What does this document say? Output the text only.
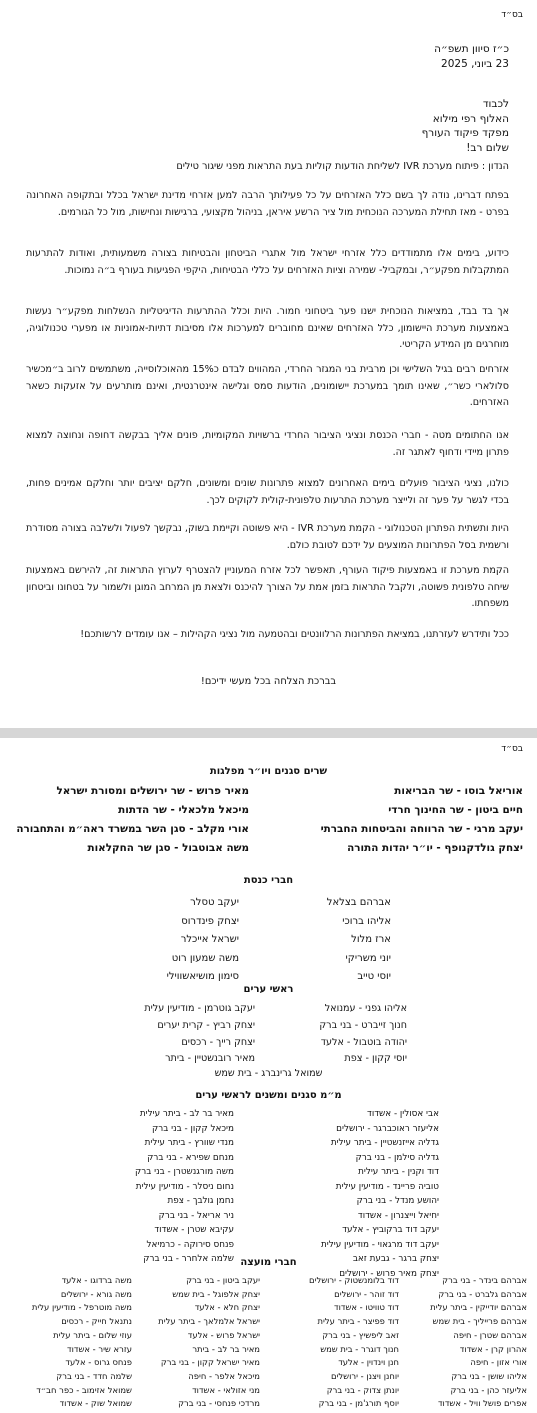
בס״ד
כ״ז סיוון תשפ״ה
23 ביוני, 2025
לכבוד
האלוף רפי מילוא
מפקד פיקוד העורף
שלום רב!
הנדון : פיתוח מערכת IVR לשליחת הודעות קוליות בעת התראות מפני שיגור טילים
בפתח דברינו, נודה לך בשם כלל האזרחים על כל פעילותך הרבה למען אזרחי מדינת ישראל בכלל ובתקופה האחרונה בפרט - מאז תחילת המערכה הנוכחית מול ציר הרשע איראן, בניהול מקצועי, ברגישות ונחישות, מול כל הגורמים.
כידוע, בימים אלו מתמודדים כלל אזרחי ישראל מול אתגרי הביטחון והבטיחות בצורה משמעותית, ואודות להתרעות המתקבלות מפקע״ר, ובמקביל- שמירה וציות האזרחים על כללי הבטיחות, היקפי הפגיעות בעורף ב״ה נמוכות.
אך בד בבד, במציאות הנוכחית ישנו פער ביטחוני חמור. היות וכלל ההתרעות הדיגיטליות הנשלחות מפקע״ר נעשות באמצעות מערכת היישומון, כלל האזרחים שאינם מחוברים למערכות אלו מסיבות דתיות-אמוניות או מפערי טכנולוגיה, מוחרגים מן המידע הקריטי.
אזרחים רבים בגיל השלישי וכן מרבית בני המגזר החרדי, המהווים לבדם כ15% מהאוכלוסייה, משתמשים לרוב ב״מכשיר סלולארי כשר״, שאינו תומך במערכת יישומונים, הודעות סמס וגלישה אינטרנטית, ואינם מותרעים על אזעקות כשאר האזרחים.
אנו החתומים מטה - חברי הכנסת ונציגי הציבור החרדי ברשויות המקומיות, פונים אליך בבקשה דחופה ונחוצה למצוא פתרון מיידי ודחוף לאתגר זה.
כולנו, נציגי הציבור פועלים בימים האחרונים למצוא פתרונות שונים ומשונים, חלקם יציבים יותר וחלקם אמינים פחות, בכדי לגשר על פער זה ולייצר מערכת התרעות טלפונית-קולית לקוקים לכך.
היות ותשתית הפתרון הטכנולוגי - הקמת מערכת IVR - היא פשוטה וקיימת בשוק, נבקשך לפעול ולשלבה בצורה מסודרת ורשמית בסל הפתרונות המוצעים על ידכם לטובת כולם.
הקמת מערכת זו באמצעות פיקוד העורף, תאפשר לכל אזרח המעוניין להצטרף לערוץ התראות זה, להירשם באמצעות שיחה טלפונית פשוטה, ולקבל התראות בזמן אמת על הצורך להיכנס ולצאת מן המרחב המוגן ולשמור על בטחונו וביטחון משפחתו.
ככל ותידרש לעזרתנו, במציאת הפתרונות הרלוונטים ובהטמעה מול נציגי הקהילות – אנו עומדים לרשותכם!
בברכת הצלחה בכל מעשי ידיכם!
בס״ד
שרים סגנים ויו״ר מפלגות
אוריאל בוסו - שר הבריאות
חיים ביטון - שר החינוך חרדי
יעקב מרגי - שר הרווחה והביטחות החברתי
יצחק גולדקנופף - יו״ר יהדות התורה
מאיר פרוש - שר ירושלים ומסורת ישראל
מיכאל מלכאלי - שר הדתות
אורי מקלב - סגן השר במשרד ראה״מ והתחבורה
משה אבוטבול - סגן שר החקלאות
חברי כנסת
אברהם בצלאל
אליהו ברוכי
ארז מלול
יוני משריקי
יוסי טייב
יעקב טסלר
יצחק פינדרוס
ישראל אייכלר
משה שמעון רוט
סימון מושיאשווילי
ראשי ערים
אליהו גפני - עמנואל
חנוך זייברט - בני ברק
יהודה בוטבול - אלעד
יוסי קקון - צפת
יעקב גוטרמן - מודיעין עלית
יצחק רביץ - קרית יערים
יצחק רייך - רכסים
מאיר רובנשטיין - ביתר
שמואל גרינברג - בית שמש
מ״מ סגנים ומשנים לראשי ערים
אבי אסולין - אשדוד
אליעזר ראוכברגר - ירושלים
גדליה אייזנשטיין - ביתר עילית
גדליה סילמן - בני ברק
דוד וקנין - ביתר עילית
טוביה פריינד - מודיעין עילית
יהושע מנדל - בני ברק
יחיאל וייצנרון - אשדוד
יעקב דוד ברקוביץ - אלעד
יעקב דוד מרגאוי - מודיעין עילית
יצחק ברגר - גבעת זאב
יצחק מאיר פרוש - ירושלים
מאיר בר לב - ביתר עילית
מיכאל קקון - בני ברק
מנדי שוורץ - ביתר עילית
מנחם שפירא - בני ברק
משה מורגנשטרן - בני ברק
נחום ניסלר - מודיעין עילית
נחמן גולבך - צפת
ניר אריאל - בני ברק
עקיבא שטרן - אשדוד
פנחס סירוקה - כרמיאל
שלמה אלחרר - בני ברק חברי מועצה
אברהם בינדר - בני ברק
אברהם גלברט - בני ברק
אברהם יודייקין - ביתר עלית
אברהם פרייליך - בית שמש
אברהם שטרן - חיפה
אהרון קרן - אשדוד
אורי אזון - חיפה
אליהו שושן - בני ברק
אליעזר כהן - בני ברק
אפרים פושל וויל - אשדוד
דוד בלומנשטוק - ירושלים
דוד זוהר - ירושלים
דוד טוויטו - אשדוד
דוד פפיצר - ביתר עלית
זאב ליפשיץ - בני ברק
חנוך דוגרר - בית שמש
חנן וינדוין - אלעד
יוחנן ויצנן - ירושלים
יונתן צדוק - בני ברק
יוסף תורג'מן - בני ברק
יעקב ביטון - בני ברק
יצחק אלפוגל - בית שמש
יצחק חלא - אלעד
ישראל אלמלאך - ביתר עלית
ישראל פרוש - אלעד
מאיר בר לב - ביתר
מאיר ישראל קקון - בני ברק
מיכאל אלפר - חיפה
מני אזולאי - אשדוד
מרדכי פנחסי - בני ברק
משה ברדוגו - אלעד
משה גורא - ירושלים
משה מוטרפל - מודיעין עלית
נתנאל חייק - רכסים
עוזי שלום - ביתר עלית
עזרא שיר - אשדוד
פנחס גרוס - אלעד
שלמה חדד - בני ברק
שמואל אזימוב - כפר חב״ד
שמואל שוק - אשדוד
